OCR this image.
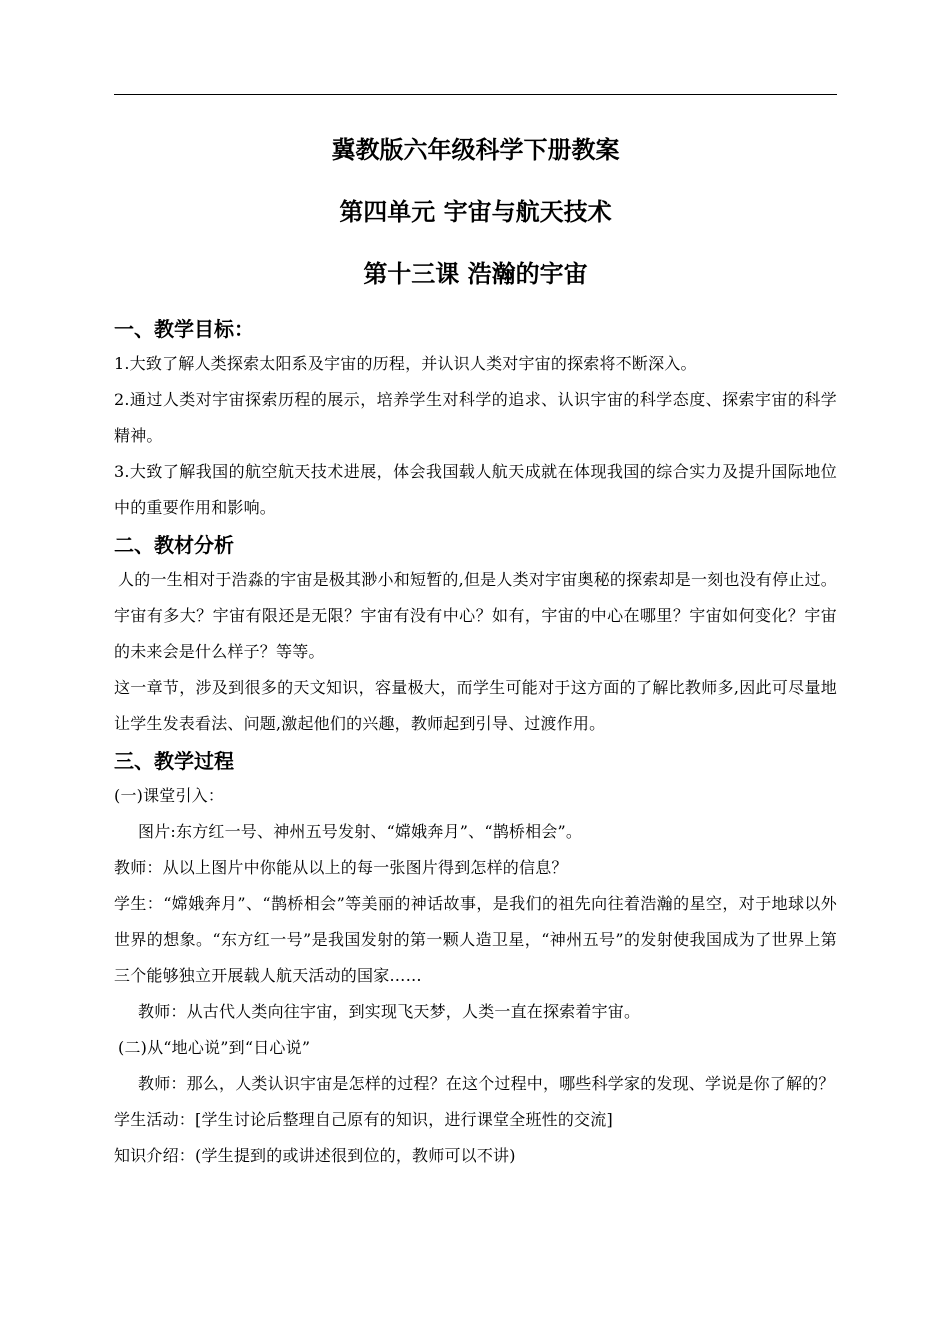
冀教版六年级科学下册教案
第四单元 宇宙与航天技术
第十三课 浩瀚的宇宙
一、教学目标：

1.大致了解人类探索太阳系及宇宙的历程，并认识人类对宇宙的探索将不断深入。

2.通过人类对宇宙探索历程的展示，培养学生对科学的追求、认识宇宙的科学态度、探索宇宙的科学精神。

3.大致了解我国的航空航天技术进展，体会我国载人航天成就在体现我国的综合实力及提升国际地位中的重要作用和影响。

二、教材分析

人的一生相对于浩淼的宇宙是极其渺小和短暂的,但是人类对宇宙奥秘的探索却是一刻也没有停止过。宇宙有多大？宇宙有限还是无限？宇宙有没有中心？如有，宇宙的中心在哪里？宇宙如何变化？宇宙的未来会是什么样子？等等。

这一章节，涉及到很多的天文知识，容量极大，而学生可能对于这方面的了解比教师多,因此可尽量地让学生发表看法、问题,激起他们的兴趣，教师起到引导、过渡作用。

三、教学过程

(一)课堂引入：

图片:东方红一号、神州五号发射、“嫦娥奔月”、“鹊桥相会”。

教师：从以上图片中你能从以上的每一张图片得到怎样的信息？

学生：“嫦娥奔月”、“鹊桥相会”等美丽的神话故事，是我们的祖先向往着浩瀚的星空，对于地球以外世界的想象。“东方红一号”是我国发射的第一颗人造卫星，“神州五号”的发射使我国成为了世界上第三个能够独立开展载人航天活动的国家……

教师：从古代人类向往宇宙，到实现飞天梦，人类一直在探索着宇宙。

(二)从“地心说”到“日心说”

教师：那么，人类认识宇宙是怎样的过程？在这个过程中，哪些科学家的发现、学说是你了解的？

学生活动：[学生讨论后整理自己原有的知识，进行课堂全班性的交流]

知识介绍：(学生提到的或讲述很到位的，教师可以不讲)
